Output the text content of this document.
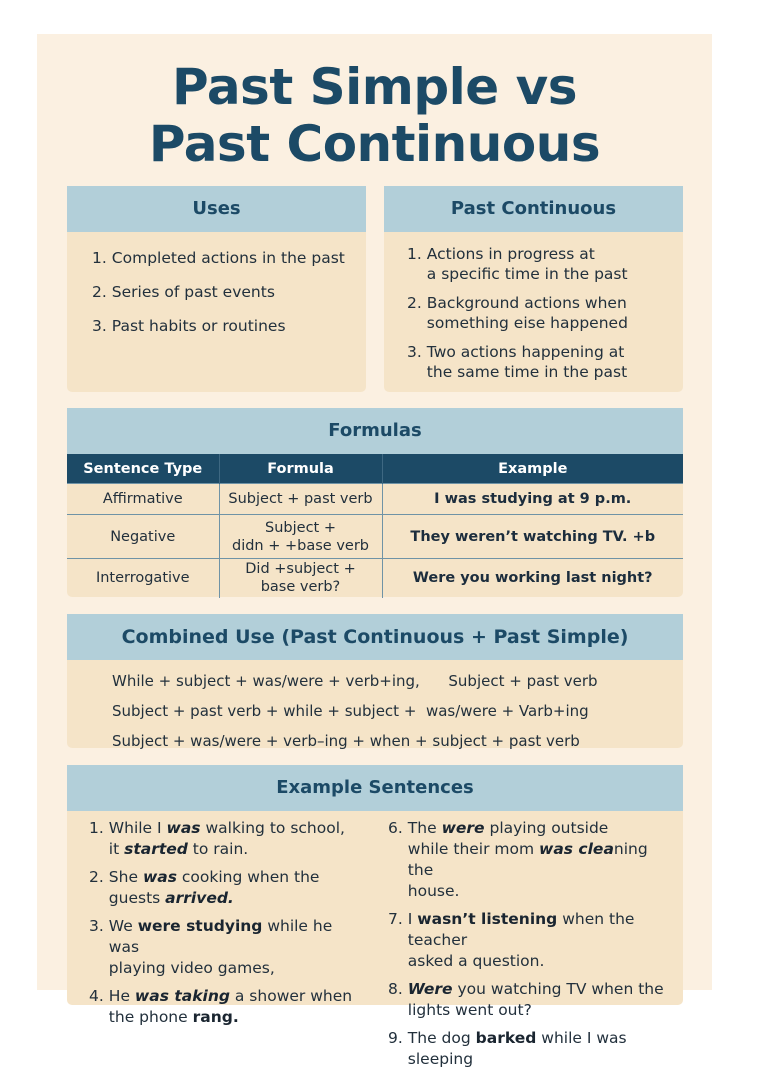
Past Simple vs
Past Continuous
Uses
1. Completed actions in the past
2. Series of past events
3. Past habits or routines
Past Continuous
1. Actions in progress at
a specific time in the past
2. Background actions when
something eise happened
3. Two actions happening at
the same time in the past
Formulas
Sentence Type	Formula	Example
Affirmative	Subject + past verb	I was studying at 9 p.m.
Negative	Subject +
didn + +base verb	They weren’t watching TV. +b
Interrogative	Did +subject +
base verb?	Were you working last night?
Combined Use (Past Continuous + Past Simple)
While + subject + was/were + verb+ing,      Subject + past verb
Subject + past verb + while + subject +  was/were + Varb+ing
Subject + was/were + verb–ing + when + subject + past verb
Example Sentences
1. While I was walking to school,
it started to rain.
2. She was cooking when the
guests arrived.
3. We were studying while he was
playing video games,
4. He was taking a shower when
the phone rang.
6. The were playing outside
while their mom was cleaning the
house.
7. I wasn’t listening when the teacher
asked a question.
8. Were you watching TV when the
lights went out?
9. The dog barked while I was sleeping
